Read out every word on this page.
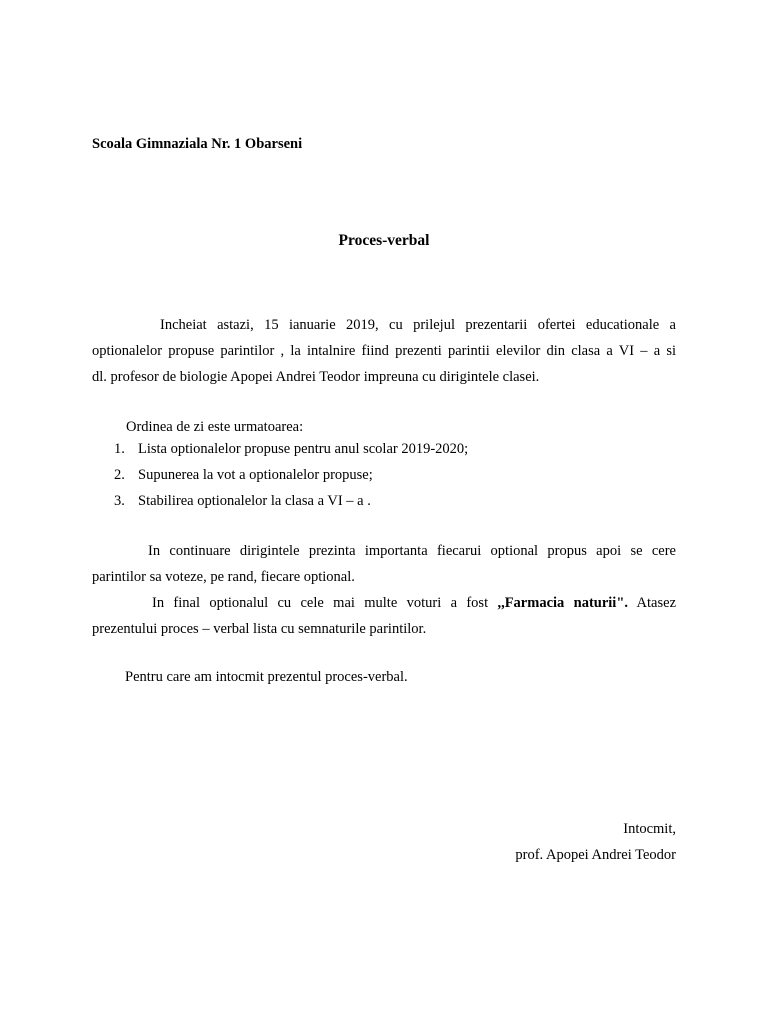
Scoala Gimnaziala Nr. 1 Obarseni
Proces-verbal
Incheiat astazi, 15 ianuarie 2019, cu prilejul prezentarii ofertei educationale a
optionalelor propuse parintilor , la intalnire fiind prezenti parintii elevilor din clasa a VI – a si
dl. profesor de biologie Apopei Andrei Teodor impreuna cu dirigintele clasei.
Ordinea de zi este urmatoarea:
1. Lista optionalelor propuse pentru anul scolar 2019-2020;
2. Supunerea la vot a optionalelor propuse;
3. Stabilirea optionalelor la clasa a VI – a .
In continuare dirigintele prezinta importanta fiecarui optional propus apoi se cere
parintilor sa voteze, pe rand, fiecare optional.
In final optionalul cu cele mai multe voturi a fost ,,Farmacia naturii". Atasez
prezentului proces – verbal lista cu semnaturile parintilor.
Pentru care am intocmit prezentul proces-verbal.
Intocmit,
prof. Apopei Andrei Teodor
